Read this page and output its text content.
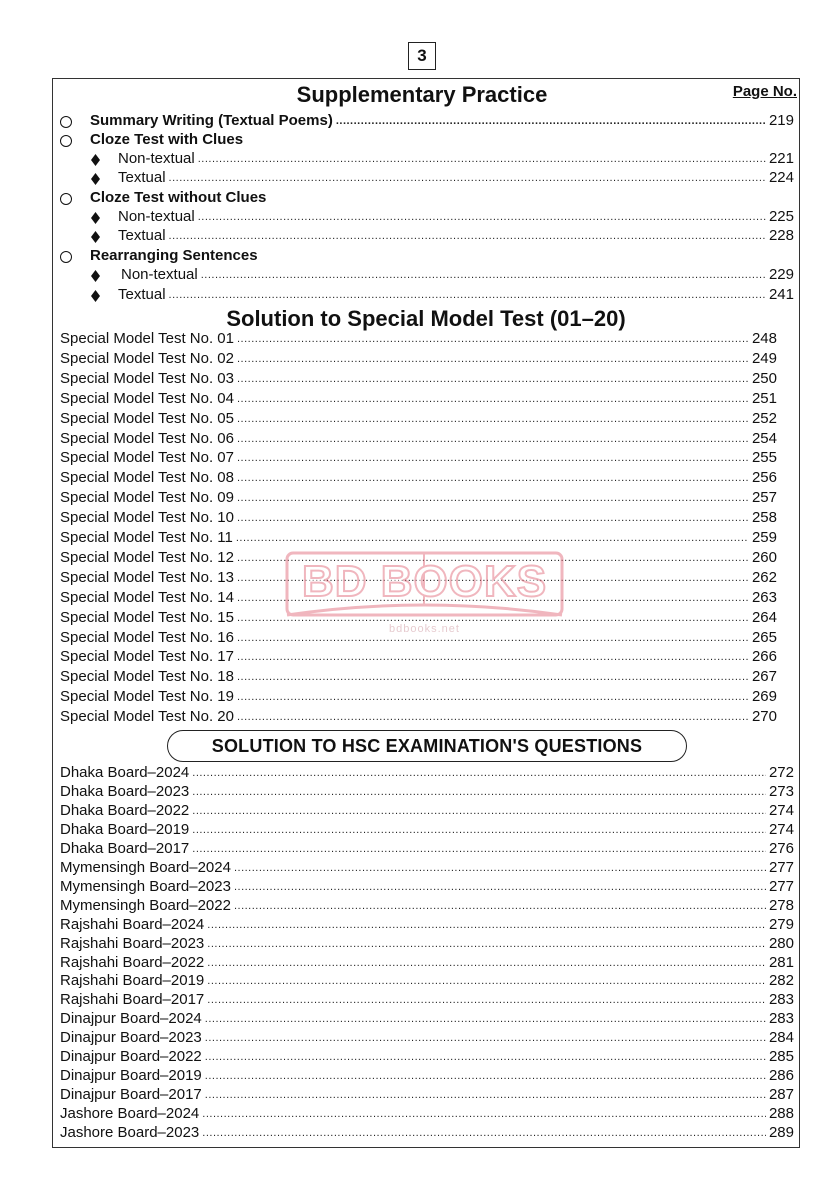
3
Supplementary Practice	Page No.
Summary Writing (Textual Poems) .....	219
Cloze Test with Clues
Non-textual .....	221
Textual .....	224
Cloze Test without Clues
Non-textual .....	225
Textual .....	228
Rearranging Sentences
Non-textual .....	229
Textual .....	241
Solution to Special Model Test (01–20)
Special Model Test No. 01 .....	248
Special Model Test No. 02 .....	249
Special Model Test No. 03 .....	250
Special Model Test No. 04 .....	251
Special Model Test No. 05 .....	252
Special Model Test No. 06 .....	254
Special Model Test No. 07 .....	255
Special Model Test No. 08 .....	256
Special Model Test No. 09 .....	257
Special Model Test No. 10 .....	258
Special Model Test No. 11 .....	259
Special Model Test No. 12 .....	260
Special Model Test No. 13 .....	262
Special Model Test No. 14 .....	263
Special Model Test No. 15 .....	264
Special Model Test No. 16 .....	265
Special Model Test No. 17 .....	266
Special Model Test No. 18 .....	267
Special Model Test No. 19 .....	269
Special Model Test No. 20 .....	270
SOLUTION TO HSC EXAMINATION'S QUESTIONS
Dhaka Board–2024 .....	272
Dhaka Board–2023 .....	273
Dhaka Board–2022 .....	274
Dhaka Board–2019 .....	274
Dhaka Board–2017 .....	276
Mymensingh Board–2024 .....	277
Mymensingh Board–2023 .....	277
Mymensingh Board–2022 .....	278
Rajshahi Board–2024 .....	279
Rajshahi Board–2023 .....	280
Rajshahi Board–2022 .....	281
Rajshahi Board–2019 .....	282
Rajshahi Board–2017 .....	283
Dinajpur Board–2024 .....	283
Dinajpur Board–2023 .....	284
Dinajpur Board–2022 .....	285
Dinajpur Board–2019 .....	286
Dinajpur Board–2017 .....	287
Jashore Board–2024 .....	288
Jashore Board–2023 .....	289
BD BOOKS
bdbooks.net
